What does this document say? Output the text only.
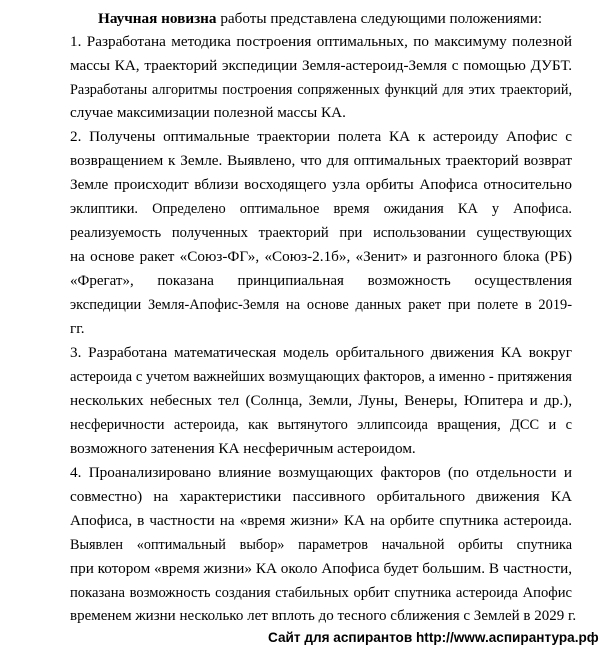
Научная новизна работы представлена следующими положениями:
1. Разработана методика построения оптимальных, по максимуму полезной
массы КА, траекторий экспедиции Земля-астероид-Земля с помощью ДУБТ.
Разработаны алгоритмы построения сопряженных функций для этих траекторий,
случае максимизации полезной массы КА.
2. Получены оптимальные траектории полета КА к астероиду Апофис с
возвращением к Земле. Выявлено, что для оптимальных траекторий возврат
Земле происходит вблизи восходящего узла орбиты Апофиса относительно
эклиптики. Определено оптимальное время ожидания КА у Апофиса.
реализуемость полученных траекторий при использовании существующих
на основе ракет «Союз-ФГ», «Союз-2.1б», «Зенит» и разгонного блока (РБ)
«Фрегат», показана принципиальная возможность осуществления
экспедиции Земля-Апофис-Земля на основе данных ракет при полете в 2019-
гг.
3. Разработана математическая модель орбитального движения КА вокруг
астероида с учетом важнейших возмущающих факторов, а именно - притяжения
нескольких небесных тел (Солнца, Земли, Луны, Венеры, Юпитера и др.),
несферичности астероида, как вытянутого эллипсоида вращения, ДСС и с
возможного затенения КА несферичным астероидом.
4. Проанализировано влияние возмущающих факторов (по отдельности и
совместно) на характеристики пассивного орбитального движения КА
Апофиса, в частности на «время жизни» КА на орбите спутника астероида.
Выявлен «оптимальный выбор» параметров начальной орбиты спутника
при котором «время жизни» КА около Апофиса будет большим. В частности,
показана возможность создания стабильных орбит спутника астероида Апофис
временем жизни несколько лет вплоть до тесного сближения с Землей в 2029 г.
Сайт для аспирантов http://www.аспирантура.рф
